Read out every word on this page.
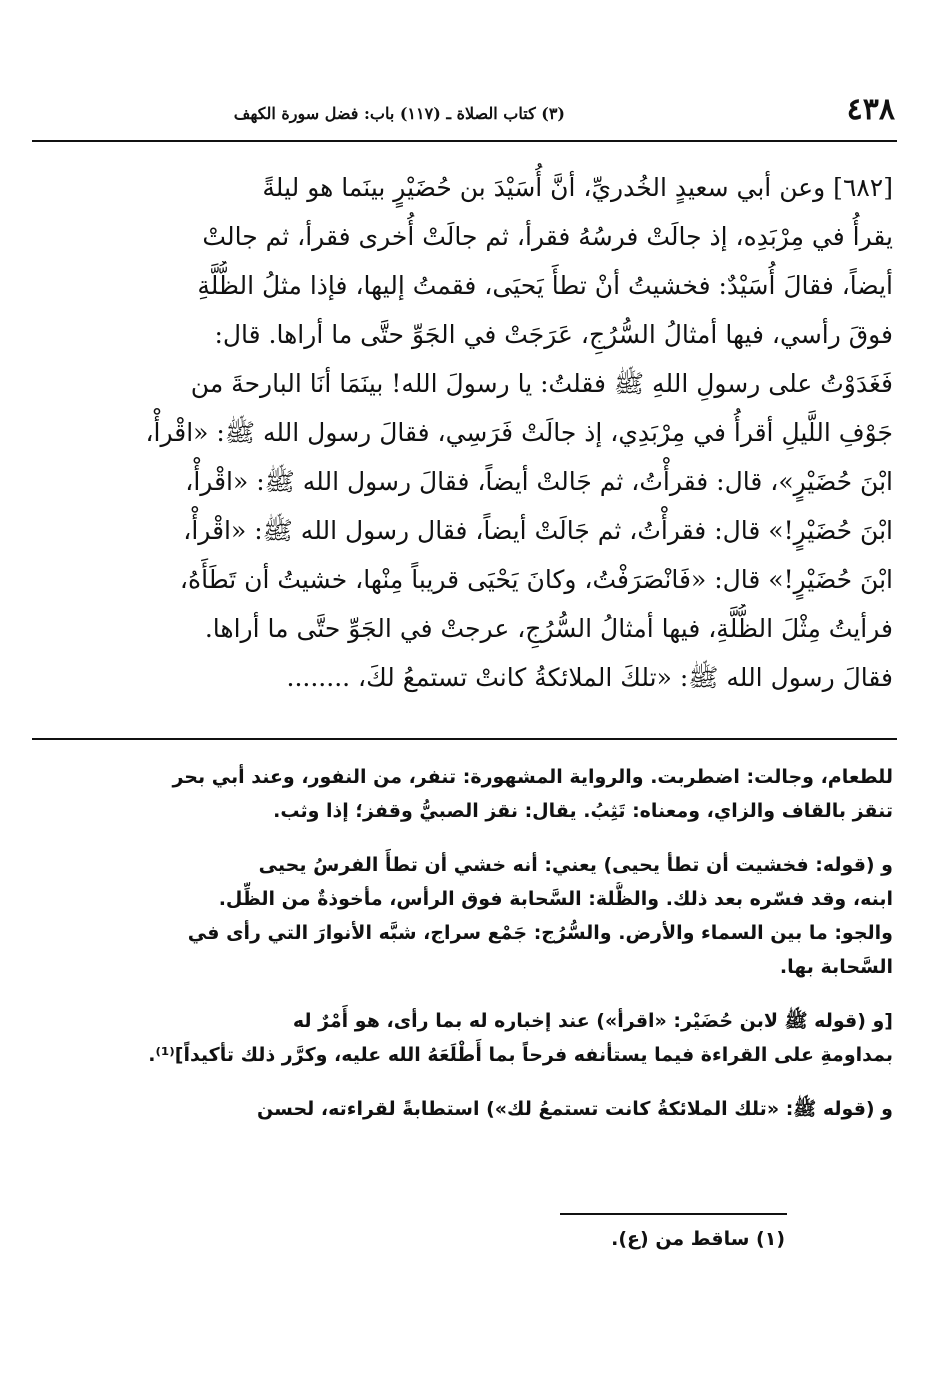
٤٣٨
(٣) كتاب الصلاة ـ (١١٧) باب: فضل سورة الكهف
[٦٨٢] وعن أبي سعيدٍ الخُدريِّ، أنَّ أُسَيْدَ بن حُضَيْرٍ بينَما هو ليلةً
يقرأُ في مِرْبَدِه، إذ جالَتْ فرسُهُ فقرأ، ثم جالَتْ أُخرى فقرأ، ثم جالتْ
أيضاً، فقالَ أُسَيْدٌ: فخشيتُ أنْ تطأَ يَحيَى، فقمتُ إليها، فإذا مثلُ الظُّلَّةِ
فوقَ رأسي، فيها أمثالُ السُّرُجِ، عَرَجَتْ في الجَوِّ حتَّى ما أراها. قال:
فَغَدَوْتُ على رسولِ اللهِ ﷺ فقلتُ: يا رسولَ الله! بينَمَا أنَا البارحةَ من
جَوْفِ اللَّيلِ أقرأُ في مِرْبَدِي، إذ جالَتْ فَرَسِي، فقالَ رسول الله ﷺ: «اقْرأْ،
ابْنَ حُضَيْرٍ»، قال: فقرأْتُ، ثم جَالتْ أيضاً، فقالَ رسول الله ﷺ: «اقْرأْ،
ابْنَ حُضَيْرٍ!» قال: فقرأْتُ، ثم جَالَتْ أيضاً، فقال رسول الله ﷺ: «اقْرأْ،
ابْنَ حُضَيْرٍ!» قال: «فَانْصَرَفْتُ، وكانَ يَحْيَى قريباً مِنْها، خشيتُ أن تَطَأَهُ،
فرأيتُ مِثْلَ الظُّلَّةِ، فيها أمثالُ السُّرُجِ، عرجتْ في الجَوِّ حتَّى ما أراها.
فقالَ رسول الله ﷺ: «تلكَ الملائكةُ كانتْ تستمعُ لكَ، ........
للطعام، وجالت: اضطربت. والرواية المشهورة: تنفر، من النفور، وعند أبي بحر
تنقز بالقاف والزاي، ومعناه: تَثِبُ. يقال: نقز الصبيُّ وقفز؛ إذا وثب.
و (قوله: فخشيت أن تطأ يحيى) يعني: أنه خشي أن تطأَ الفرسُ يحيى
ابنه، وقد فسّره بعد ذلك. والظُّلة: السَّحابة فوق الرأس، مأخوذةٌ من الظِّل.
والجو: ما بين السماء والأرض. والسُّرُج: جَمْع سراج، شبَّه الأنوارَ التي رأى في
السَّحابة بها.
[و (قوله ﷺ لابن حُضَيْر: «اقرأ») عند إخباره له بما رأى، هو أَمْرٌ له
بمداومةِ على القراءة فيما يستأنفه فرحاً بما أَطْلَعَهُ الله عليه، وكرَّر ذلك تأكيداً]⁽¹⁾.
و (قوله ﷺ: «تلك الملائكةُ كانت تستمعُ لك») استطابةً لقراءته، لحسن
(١) ساقط من (ع).
